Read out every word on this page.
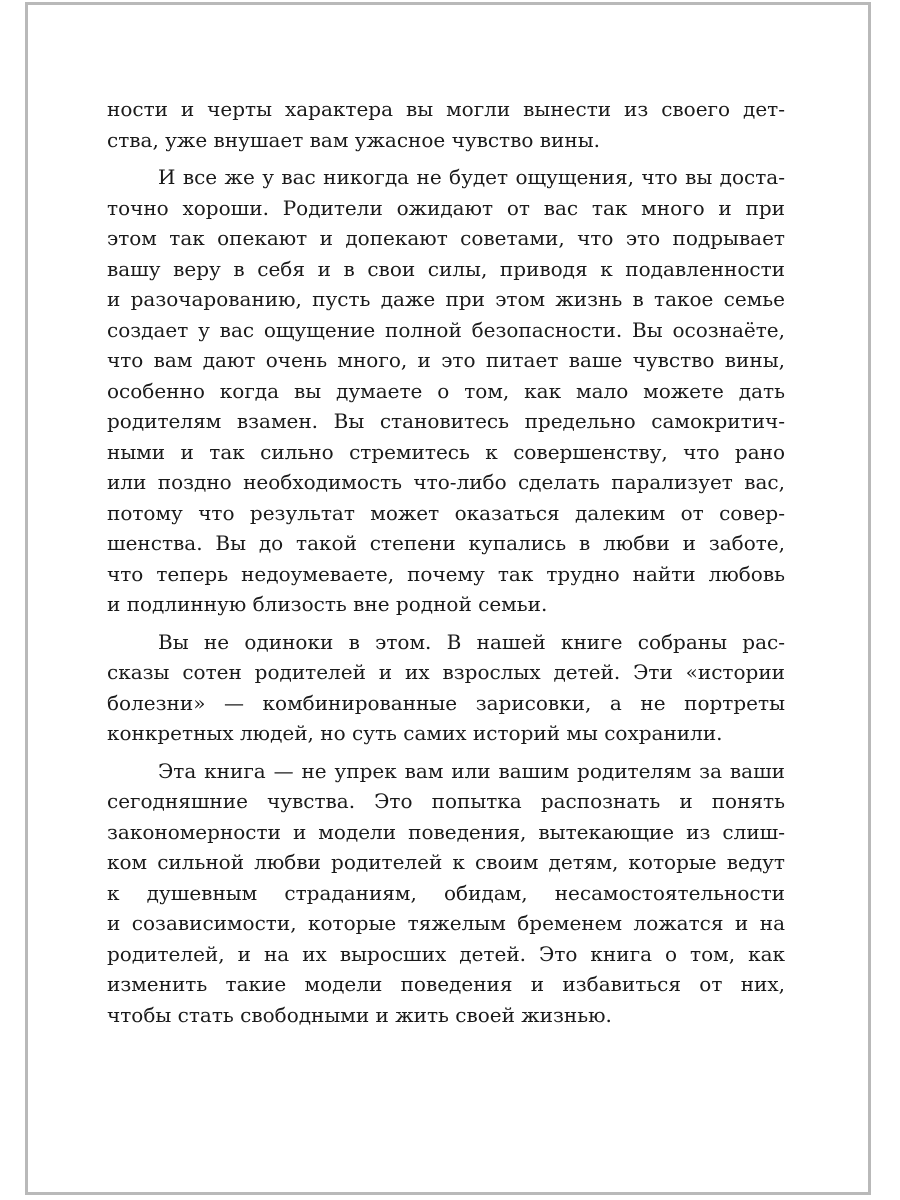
ности и черты характера вы могли вынести из своего дет-
ства, уже внушает вам ужасное чувство вины.

И все же у вас никогда не будет ощущения, что вы доста-
точно хороши. Родители ожидают от вас так много и при
этом так опекают и допекают советами, что это подрывает
вашу веру в себя и в свои силы, приводя к подавленности
и разочарованию, пусть даже при этом жизнь в такое семье
создает у вас ощущение полной безопасности. Вы осознаёте,
что вам дают очень много, и это питает ваше чувство вины,
особенно когда вы думаете о том, как мало можете дать
родителям взамен. Вы становитесь предельно самокритич-
ными и так сильно стремитесь к совершенству, что рано
или поздно необходимость что-либо сделать парализует вас,
потому что результат может оказаться далеким от совер-
шенства. Вы до такой степени купались в любви и заботе,
что теперь недоумеваете, почему так трудно найти любовь
и подлинную близость вне родной семьи.

Вы не одиноки в этом. В нашей книге собраны рас-
сказы сотен родителей и их взрослых детей. Эти «истории
болезни» — комбинированные зарисовки, а не портреты
конкретных людей, но суть самих историй мы сохранили.

Эта книга — не упрек вам или вашим родителям за ваши
сегодняшние чувства. Это попытка распознать и понять
закономерности и модели поведения, вытекающие из слиш-
ком сильной любви родителей к своим детям, которые ведут
к душевным страданиям, обидам, несамостоятельности
и созависимости, которые тяжелым бременем ложатся и на
родителей, и на их выросших детей. Это книга о том, как
изменить такие модели поведения и избавиться от них,
чтобы стать свободными и жить своей жизнью.
